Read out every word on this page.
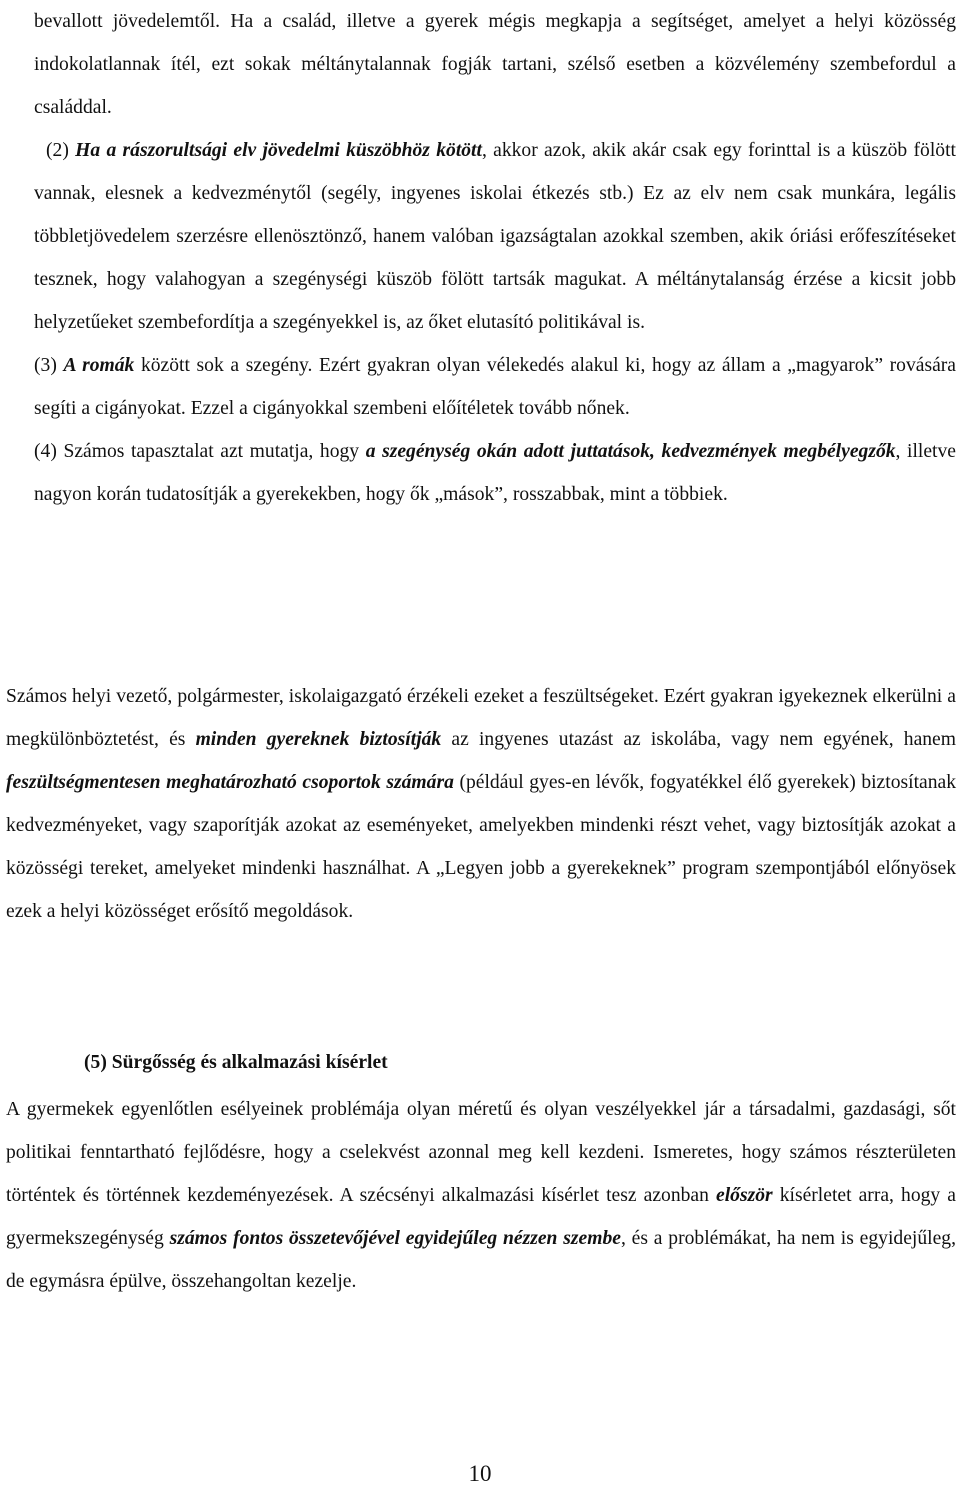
bevallott jövedelemtől. Ha a család, illetve a gyerek mégis megkapja a segítséget, amelyet a helyi közösség indokolatlannak ítél, ezt sokak méltánytalannak fogják tartani, szélső esetben a közvélemény szembefordul a családdal.

(2) Ha a rászorultsági elv jövedelmi küszöbhöz kötött, akkor azok, akik akár csak egy forinttal is a küszöb fölött vannak, elesnek a kedvezménytől (segély, ingyenes iskolai étkezés stb.) Ez az elv nem csak munkára, legális többletjövedelem szerzésre ellenösztönző, hanem valóban igazságtalan azokkal szemben, akik óriási erőfeszítéseket tesznek, hogy valahogyan a szegénységi küszöb fölött tartsák magukat. A méltánytalanság érzése a kicsit jobb helyzetűeket szembefordítja a szegényekkel is, az őket elutasító politikával is.

(3) A romák között sok a szegény. Ezért gyakran olyan vélekedés alakul ki, hogy az állam a „magyarok” rovására segíti a cigányokat. Ezzel a cigányokkal szembeni előítéletek tovább nőnek.

(4) Számos tapasztalat azt mutatja, hogy a szegénység okán adott juttatások, kedvezmények megbélyegzők, illetve nagyon korán tudatosítják a gyerekekben, hogy ők „mások”, rosszabbak, mint a többiek.

Számos helyi vezető, polgármester, iskolaigazgató érzékeli ezeket a feszültségeket. Ezért gyakran igyekeznek elkerülni a megkülönböztetést, és minden gyereknek biztosítják az ingyenes utazást az iskolába, vagy nem egyének, hanem feszültségmentesen meghatározható csoportok számára (például gyes-en lévők, fogyatékkel élő gyerekek) biztosítanak kedvezményeket, vagy szaporítják azokat az eseményeket, amelyekben mindenki részt vehet, vagy biztosítják azokat a közösségi tereket, amelyeket mindenki használhat. A „Legyen jobb a gyerekeknek” program szempontjából előnyösek ezek a helyi közösséget erősítő megoldások.

(5) Sürgősség és alkalmazási kísérlet

A gyermekek egyenlőtlen esélyeinek problémája olyan méretű és olyan veszélyekkel jár a társadalmi, gazdasági, sőt politikai fenntartható fejlődésre, hogy a cselekvést azonnal meg kell kezdeni. Ismeretes, hogy számos részterületen történtek és történnek kezdeményezések. A szécsényi alkalmazási kísérlet tesz azonban először kísérletet arra, hogy a gyermekszegénység számos fontos összetevőjével egyidejűleg nézzen szembe, és a problémákat, ha nem is egyidejűleg, de egymásra épülve, összehangoltan kezelje.

10
